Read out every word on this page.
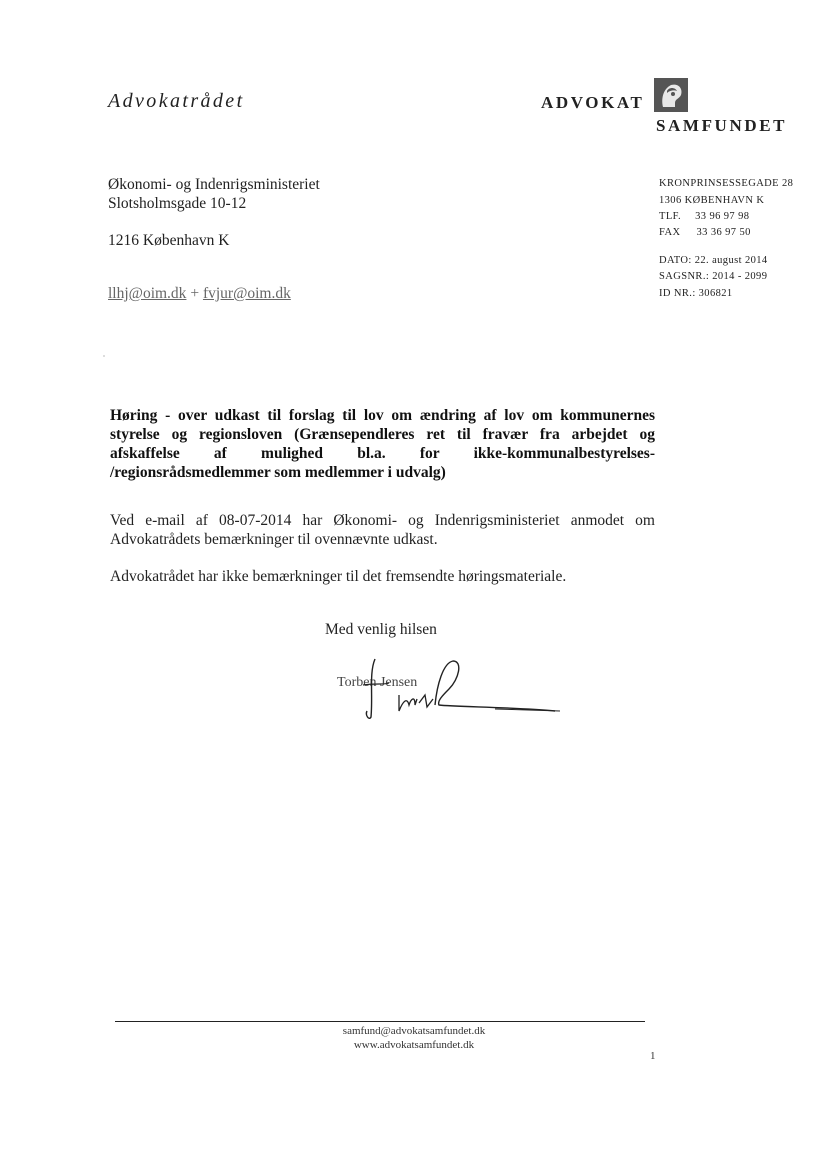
Advokatrådet	ADVOKAT
SAMFUNDET
Økonomi- og Indenrigsministeriet
Slotsholmsgade 10-12
1216 København K
llhj@oim.dk + fvjur@oim.dk
KRONPRINSESSEGADE 28
1306 KØBENHAVN K
TLF. 33 96 97 98
FAX 33 36 97 50
DATO: 22. august 2014
SAGSNR.: 2014 - 2099
ID NR.: 306821
Høring - over udkast til forslag til lov om ændring af lov om kommunernes
styrelse og regionsloven (Grænsependleres ret til fravær fra arbejdet og
afskaffelse af mulighed bl.a. for ikke-kommunalbestyrelses-
/regionsrådsmedlemmer som medlemmer i udvalg)
Ved e-mail af 08-07-2014 har Økonomi- og Indenrigsministeriet anmodet om
Advokatrådets bemærkninger til ovennævnte udkast.
Advokatrådet har ikke bemærkninger til det fremsendte høringsmateriale.
Med venlig hilsen
Torben Jensen
samfund@advokatsamfundet.dk
www.advokatsamfundet.dk
1
